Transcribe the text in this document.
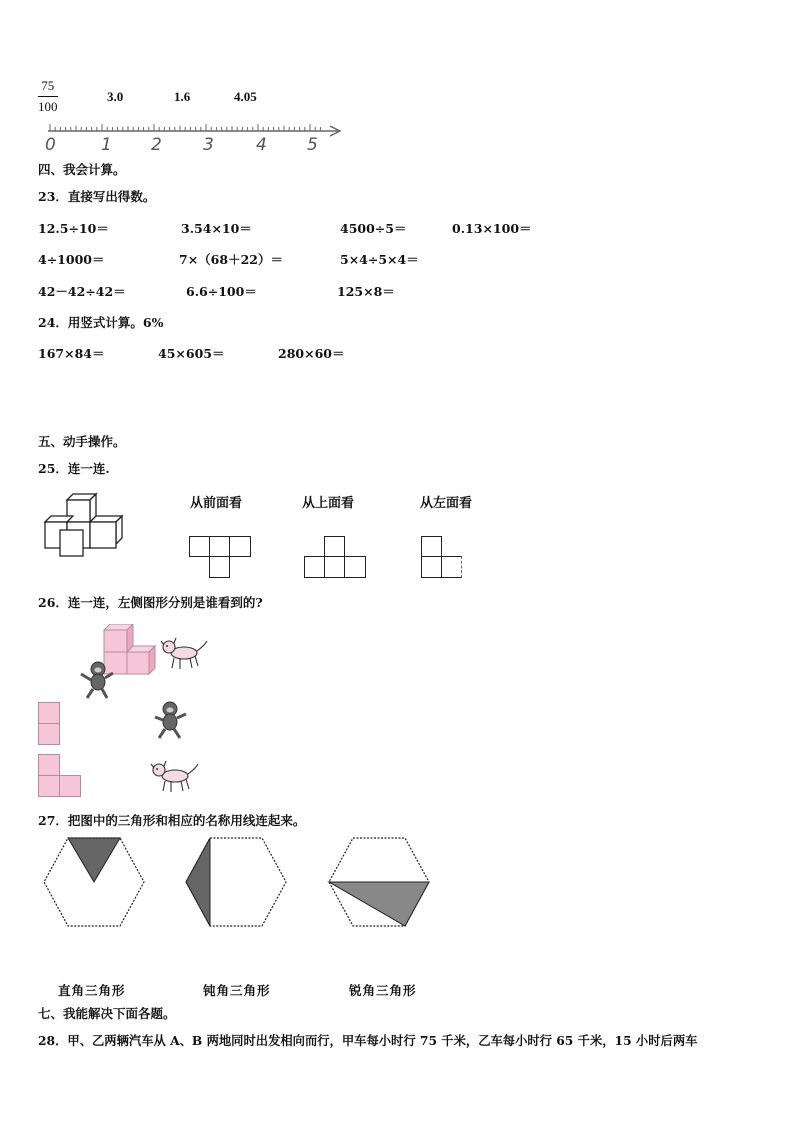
$\frac{75}{100}$	3.0	1.6	4.05
0	1 2 3 4 5
四、我会计算。
23．直接写出得数。
12.5÷10＝	3.54×10＝	4500÷5＝	0.13×100＝
4÷1000＝	7×（68＋22）＝	5×4÷5×4＝
42－42÷42＝	6.6÷100＝	125×8＝
24．用竖式计算。6%
167×84＝	45×605＝	280×60＝
五、动手操作。
25．连一连.
从前面看	从上面看	从左面看
26．连一连，左侧图形分别是谁看到的?
27．把图中的三角形和相应的名称用线连起来。
直角三角形	钝角三角形	锐角三角形
七、我能解决下面各题。
28．甲、乙两辆汽车从 A、B 两地同时出发相向而行，甲车每小时行 75 千米，乙车每小时行 65 千米，15 小时后两车
